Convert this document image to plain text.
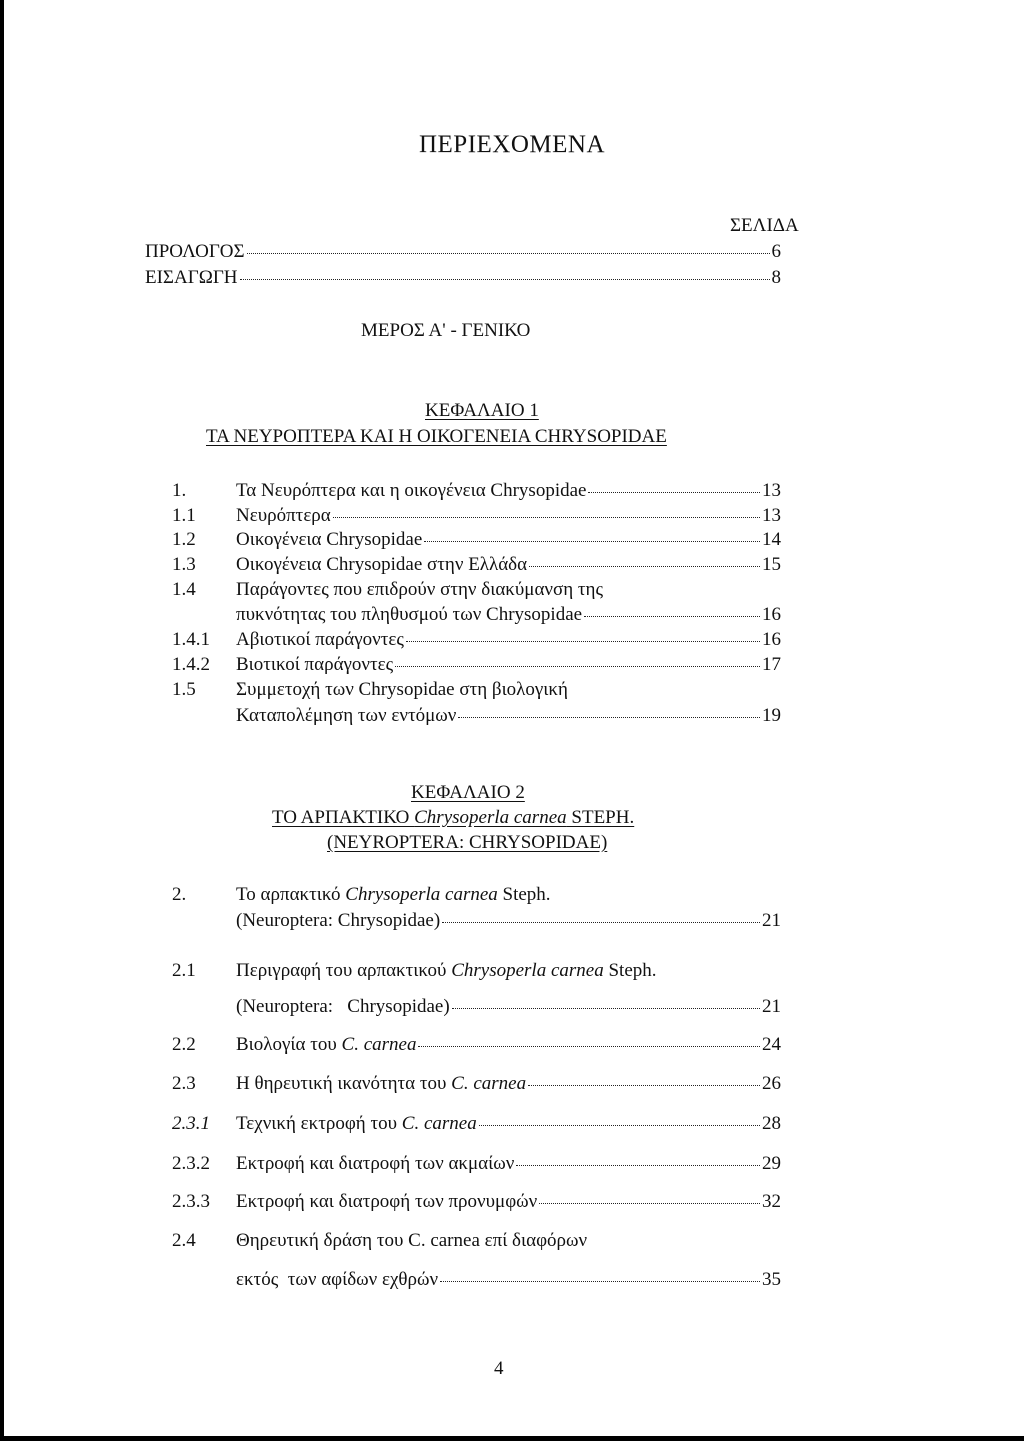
ΠΕΡΙΕΧΟΜΕΝΑ
ΣΕΛΙΔΑ
ΠΡΟΛΟΓΟΣ	6
ΕΙΣΑΓΩΓΗ	8
ΜΕΡΟΣ Α' - ΓΕΝΙΚΟ
ΚΕΦΑΛΑΙΟ 1
ΤΑ ΝΕΥΡΟΠΤΕΡΑ ΚΑΙ Η ΟΙΚΟΓΕΝΕΙΑ CHRYSOPIDAE
1.	Τα Νευρόπτερα και η οικογένεια Chrysopidae	13
1.1 Νευρόπτερα	13
1.2 Οικογένεια Chrysopidae	14
1.3 Οικογένεια Chrysopidae στην Ελλάδα	15
1.4 Παράγοντες που επιδρούν στην διακύμανση της
πυκνότητας του πληθυσμού των Chrysopidae	16
1.4.1 Αβιοτικοί παράγοντες	16
1.4.2 Βιοτικοί παράγοντες	17
1.5 Συμμετοχή των Chrysopidae στη βιολογική
Καταπολέμηση των εντόμων	19
ΚΕΦΑΛΑΙΟ 2
ΤΟ ΑΡΠΑΚΤΙΚΟ Chrysoperla carnea STEPH.
(NEYROPTERA: CHRYSOPIDAE)
2.	Το αρπακτικό Chrysoperla carnea Steph.
(Neuroptera: Chrysopidae)	21
2.1 Περιγραφή του αρπακτικού Chrysoperla carnea Steph.
(Neuroptera:   Chrysopidae)	21
2.2 Βιολογία του C. carnea	24
2.3 Η θηρευτική ικανότητα του C. carnea	26
2.3.1 Τεχνική εκτροφή του C. carnea	28
2.3.2 Εκτροφή και διατροφή των ακμαίων	29
2.3.3 Εκτροφή και διατροφή των προνυμφών	32
2.4 Θηρευτική δράση του C. carnea επί διαφόρων
εκτός  των αφίδων εχθρών	35
4
